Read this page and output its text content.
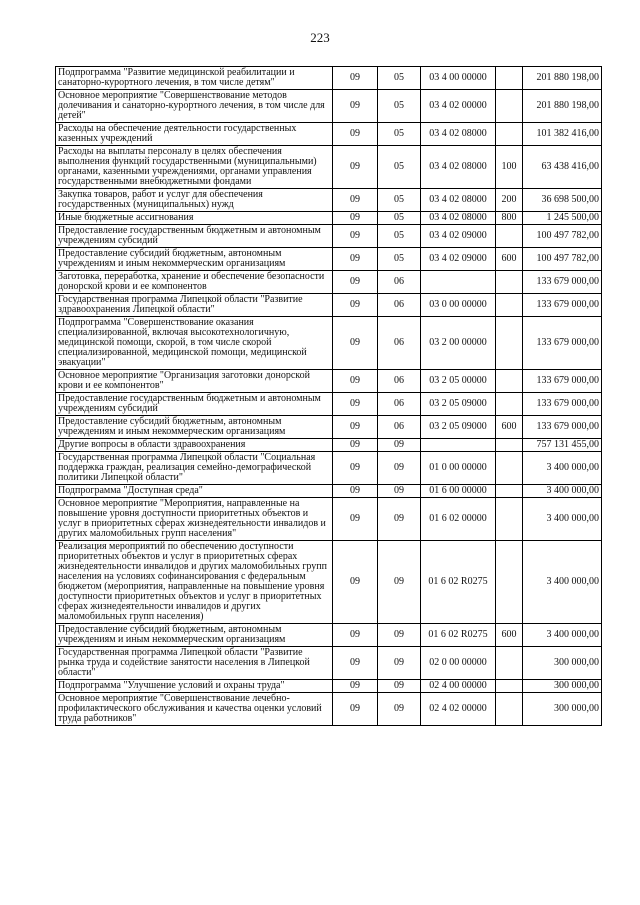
223
Подпрограмма "Развитие медицинской реабилитации и санаторно-курортного лечения, в том числе детям"	09	05	03 4 00 00000		201 880 198,00
Основное мероприятие "Совершенствование методов долечивания и санаторно-курортного лечения, в том числе для детей"	09	05	03 4 02 00000		201 880 198,00
Расходы на обеспечение деятельности государственных казенных учреждений	09	05	03 4 02 08000		101 382 416,00
Расходы на выплаты персоналу в целях обеспечения выполнения функций государственными (муниципальными) органами, казенными учреждениями, органами управления государственными внебюджетными фондами	09	05	03 4 02 08000	100	63 438 416,00
Закупка товаров, работ и услуг для обеспечения государственных (муниципальных) нужд	09	05	03 4 02 08000	200	36 698 500,00
Иные бюджетные ассигнования	09	05	03 4 02 08000	800	1 245 500,00
Предоставление государственным бюджетным и автономным учреждениям субсидий	09	05	03 4 02 09000		100 497 782,00
Предоставление субсидий бюджетным, автономным учреждениям и иным некоммерческим организациям	09	05	03 4 02 09000	600	100 497 782,00
Заготовка, переработка, хранение и обеспечение безопасности донорской крови и ее компонентов	09	06			133 679 000,00
Государственная программа Липецкой области "Развитие здравоохранения Липецкой области"	09	06	03 0 00 00000		133 679 000,00
Подпрограмма "Совершенствование оказания специализированной, включая высокотехнологичную, медицинской помощи, скорой, в том числе скорой специализированной, медицинской помощи, медицинской эвакуации"	09	06	03 2 00 00000		133 679 000,00
Основное мероприятие "Организация заготовки донорской крови и ее компонентов"	09	06	03 2 05 00000		133 679 000,00
Предоставление государственным бюджетным и автономным учреждениям субсидий	09	06	03 2 05 09000		133 679 000,00
Предоставление субсидий бюджетным, автономным учреждениям и иным некоммерческим организациям	09	06	03 2 05 09000	600	133 679 000,00
Другие вопросы в области здравоохранения	09	09			757 131 455,00
Государственная программа Липецкой области "Социальная поддержка граждан, реализация семейно-демографической политики Липецкой области"	09	09	01 0 00 00000		3 400 000,00
Подпрограмма "Доступная среда"	09	09	01 6 00 00000		3 400 000,00
Основное мероприятие "Мероприятия, направленные на повышение уровня доступности приоритетных объектов и услуг в приоритетных сферах жизнедеятельности инвалидов и других маломобильных групп населения"	09	09	01 6 02 00000		3 400 000,00
Реализация мероприятий по обеспечению доступности приоритетных объектов и услуг в приоритетных сферах жизнедеятельности инвалидов и других маломобильных групп населения на условиях софинансирования с федеральным бюджетом (мероприятия, направленные на повышение уровня доступности приоритетных объектов и услуг в приоритетных сферах жизнедеятельности инвалидов и других маломобильных групп населения)	09	09	01 6 02 R0275		3 400 000,00
Предоставление субсидий бюджетным, автономным учреждениям и иным некоммерческим организациям	09	09	01 6 02 R0275	600	3 400 000,00
Государственная программа Липецкой области "Развитие рынка труда и содействие занятости населения в Липецкой области"	09	09	02 0 00 00000		300 000,00
Подпрограмма "Улучшение условий и охраны труда"	09	09	02 4 00 00000		300 000,00
Основное мероприятие "Совершенствование лечебно-профилактического обслуживания и качества оценки условий труда работников"	09	09	02 4 02 00000		300 000,00
